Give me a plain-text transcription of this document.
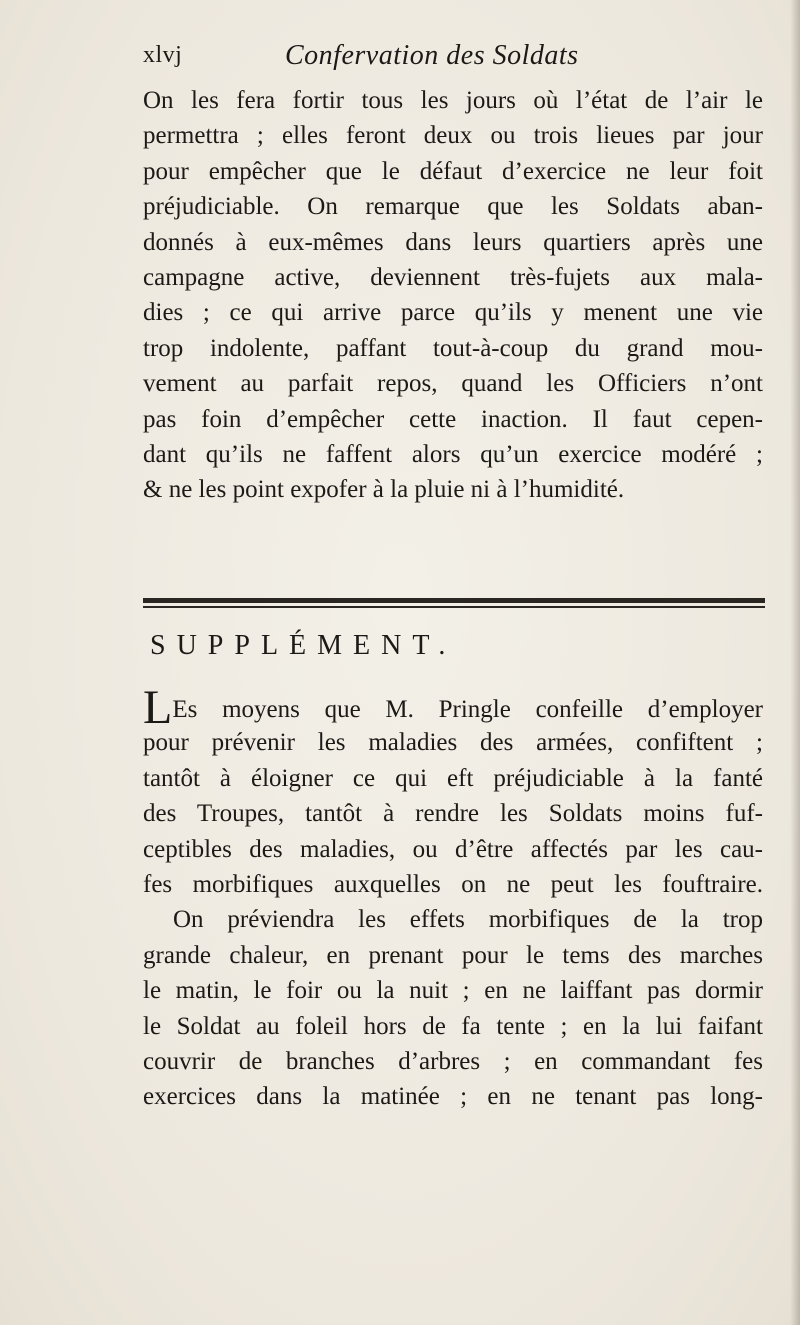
xlvj	Confervation des Soldats
On les fera fortir tous les jours où l’état de l’air le
permettra ; elles feront deux ou trois lieues par jour
pour empêcher que le défaut d’exercice ne leur foit
préjudiciable. On remarque que les Soldats aban-
donnés à eux-mêmes dans leurs quartiers après une
campagne active, deviennent très-fujets aux mala-
dies ; ce qui arrive parce qu’ils y menent une vie
trop indolente, paffant tout-à-coup du grand mou-
vement au parfait repos, quand les Officiers n’ont
pas foin d’empêcher cette inaction. Il faut cepen-
dant qu’ils ne faffent alors qu’un exercice modéré ;
& ne les point expofer à la pluie ni à l’humidité.
SUPPLÉMENT.
LEs moyens que M. Pringle confeille d’employer
pour prévenir les maladies des armées, confiftent ;
tantôt à éloigner ce qui eft préjudiciable à la fanté
des Troupes, tantôt à rendre les Soldats moins fuf-
ceptibles des maladies, ou d’être affectés par les cau-
fes morbifiques auxquelles on ne peut les fouftraire.
On préviendra les effets morbifiques de la trop
grande chaleur, en prenant pour le tems des marches
le matin, le foir ou la nuit ; en ne laiffant pas dormir
le Soldat au foleil hors de fa tente ; en la lui faifant
couvrir de branches d’arbres ; en commandant fes
exercices dans la matinée ; en ne tenant pas long-
